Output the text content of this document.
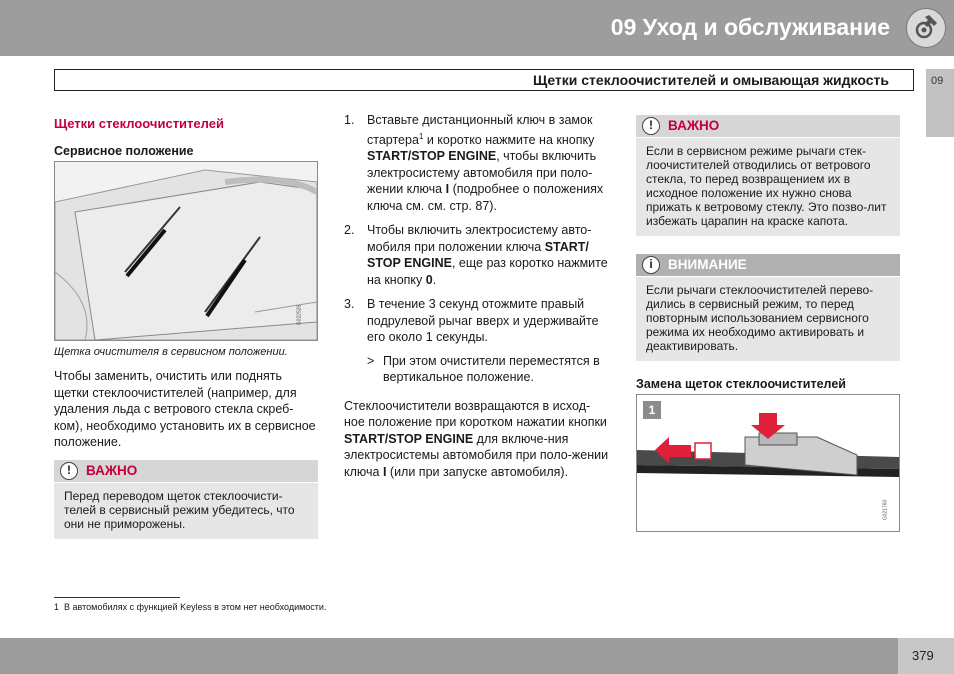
09 Уход и обслуживание
Щетки стеклоочистителей и омывающая жидкость	09
Щетки стеклоочистителей
Сервисное положение
G022526
Щетка очистителя в сервисном положении.

Чтобы заменить, очистить или поднять щетки стеклоочистителей (например, для удаления льда с ветрового стекла скреб-ком), необходимо установить их в сервисное положение.

!	ВАЖНО
Перед переводом щеток стеклоочисти-телей в сервисный режим убедитесь, что они не приморожены.
1. Вставьте дистанционный ключ в замок стартера$^1$ и коротко нажмите на кнопку START/STOP ENGINE, чтобы включить электросистему автомобиля при поло-жении ключа I (подробнее о положениях ключа см. см. стр. 87).
2. Чтобы включить электросистему авто-мобиля при положении ключа START/ STOP ENGINE, еще раз коротко нажмите на кнопку 0.
3. В течение 3 секунд отожмите правый подрулевой рычаг вверх и удерживайте его около 1 секунды.
> При этом очистители переместятся в вертикальное положение.

Стеклоочистители возвращаются в исход-ное положение при коротком нажатии кнопки START/STOP ENGINE для включе-ния электросистемы автомобиля при поло-жении ключа I (или при запуске автомобиля).

!	ВАЖНО
Если в сервисном режиме рычаги стек-лоочистителей отводились от ветрового стекла, то перед возвращением их в исходное положение их нужно снова прижать к ветровому стеклу. Это позво-лит избежать царапин на краске капота.
i	ВНИМАНИЕ
Если рычаги стеклоочистителей перево-дились в сервисный режим, то перед повторным использованием сервисного режима их необходимо активировать и деактивировать.
Замена щеток стеклоочистителей
1
G021760
1 В автомобилях с функцией Keyless в этом нет необходимости.
379
